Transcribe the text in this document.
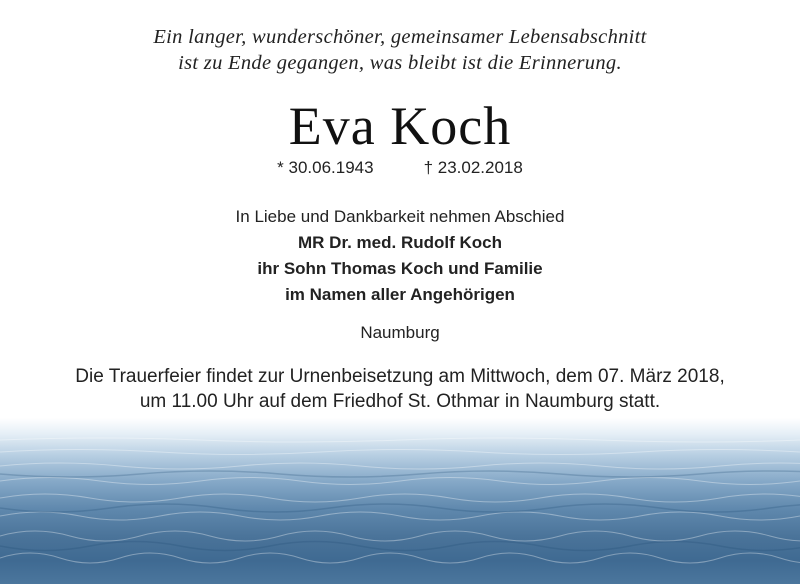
Ein langer, wunderschöner, gemeinsamer Lebensabschnitt
ist zu Ende gegangen, was bleibt ist die Erinnerung.
Eva Koch
* 30.06.1943	† 23.02.2018
In Liebe und Dankbarkeit nehmen Abschied
MR Dr. med. Rudolf Koch
ihr Sohn Thomas Koch und Familie
im Namen aller Angehörigen
Naumburg
Die Trauerfeier findet zur Urnenbeisetzung am Mittwoch, dem 07. März 2018,
um 11.00 Uhr auf dem Friedhof St. Othmar in Naumburg statt.
